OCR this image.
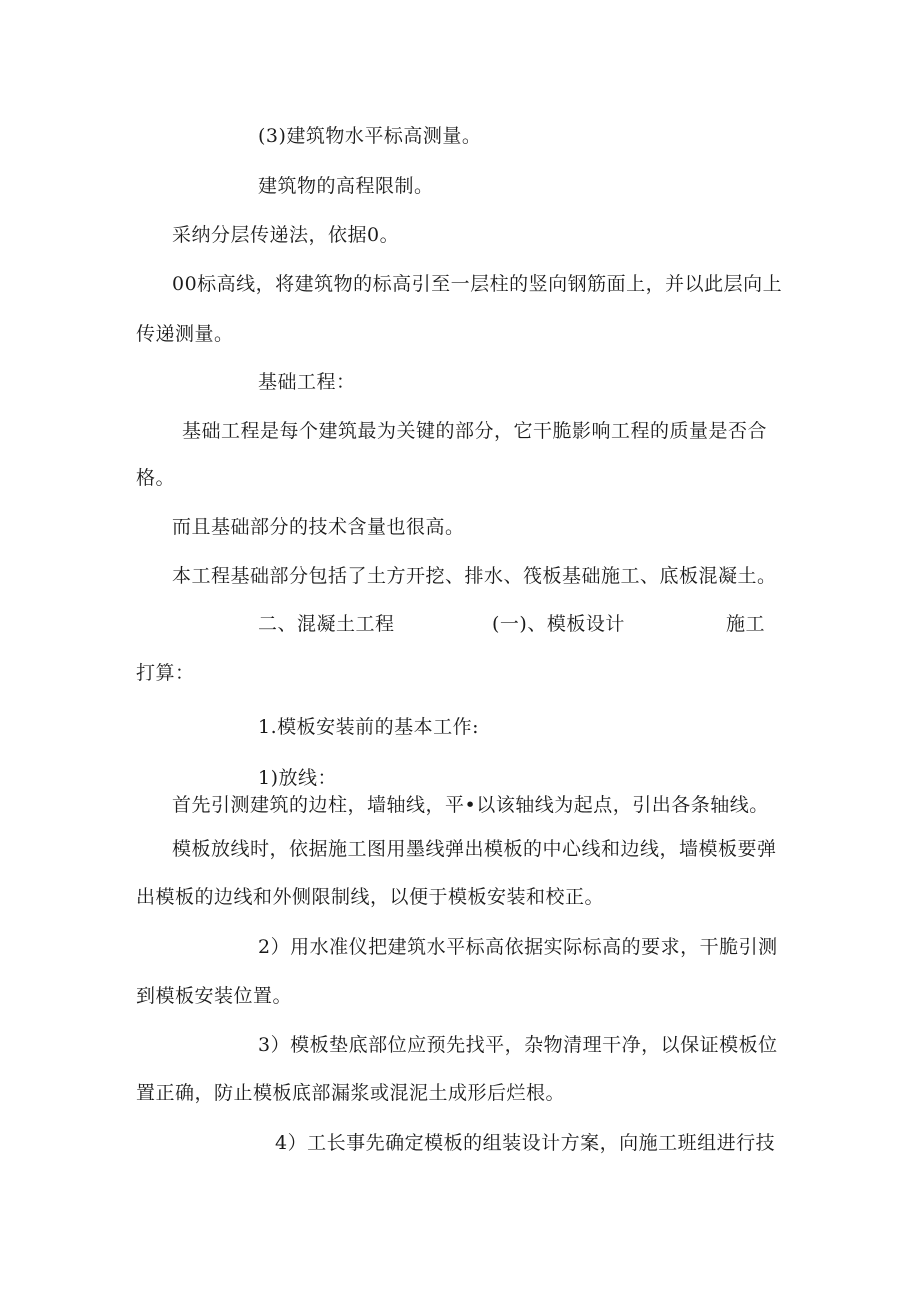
(3)建筑物水平标高测量。
建筑物的高程限制。
采纳分层传递法，依据0。
00标高线，将建筑物的标高引至一层柱的竖向钢筋面上，并以此层向上
传递测量。
基础工程：
基础工程是每个建筑最为关键的部分，它干脆影响工程的质量是否合
格。
而且基础部分的技术含量也很高。
本工程基础部分包括了土方开挖、排水、筏板基础施工、底板混凝土。
二、混凝土工程	(一)、模板设计	施工
打算：
1.模板安装前的基本工作:
1)放线：
首先引测建筑的边柱，墙轴线，平•以该轴线为起点，引出各条轴线。
模板放线时，依据施工图用墨线弹出模板的中心线和边线，墙模板要弹
出模板的边线和外侧限制线，以便于模板安装和校正。
2）用水准仪把建筑水平标高依据实际标高的要求，干脆引测
到模板安装位置。
3）模板垫底部位应预先找平，杂物清理干净，以保证模板位
置正确，防止模板底部漏浆或混泥土成形后烂根。
4）工长事先确定模板的组装设计方案，向施工班组进行技
